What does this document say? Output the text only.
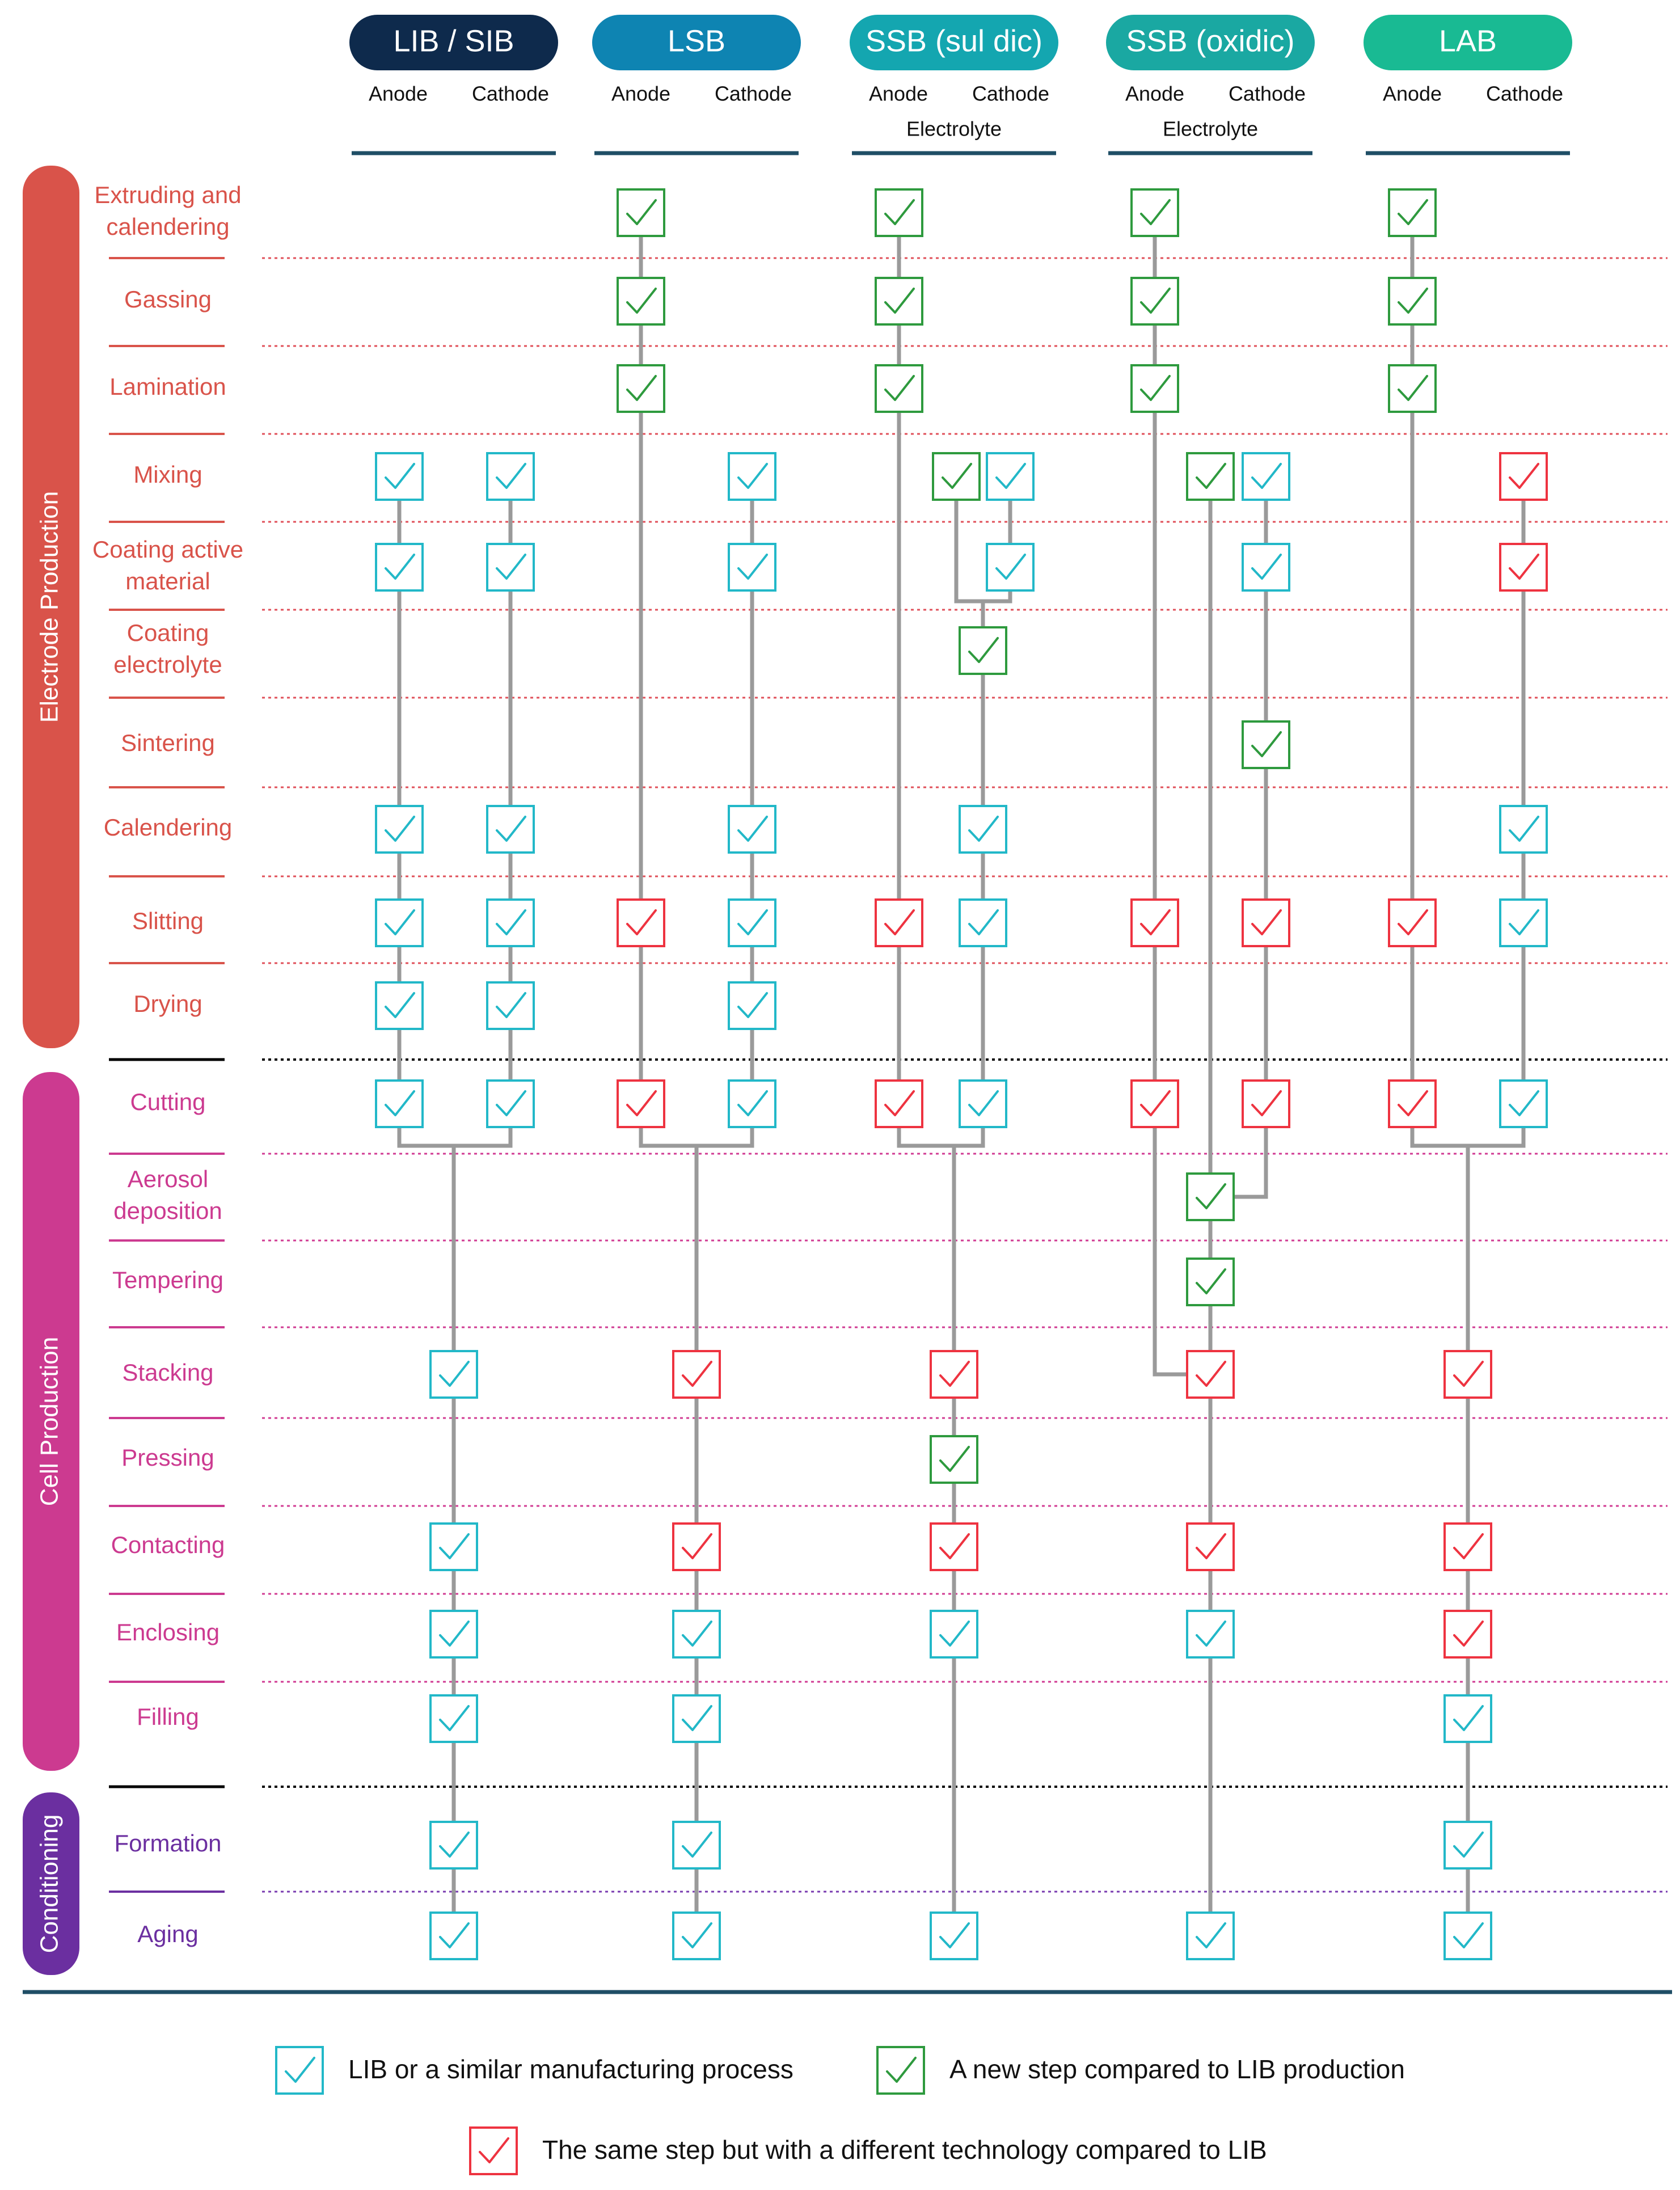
LIB / SIB
Anode Cathode
LSB
Anode Cathode
SSB (sul dic)
Anode Cathode
Electrolyte
SSB (oxidic)
Anode Cathode
Electrolyte
LAB
Anode Cathode
Electrode Production
Cell Production
Conditioning
Extruding and
calendering
Gassing
Lamination
Mixing
Coating active
material
Coating
electrolyte
Sintering
Calendering
Slitting
Drying
Cutting
Aerosol
deposition
Tempering
Stacking
Pressing
Contacting
Enclosing
Filling
Formation
Aging
LIB or a similar manufacturing process	A new step compared to LIB production
The same step but with a different technology compared to LIB
